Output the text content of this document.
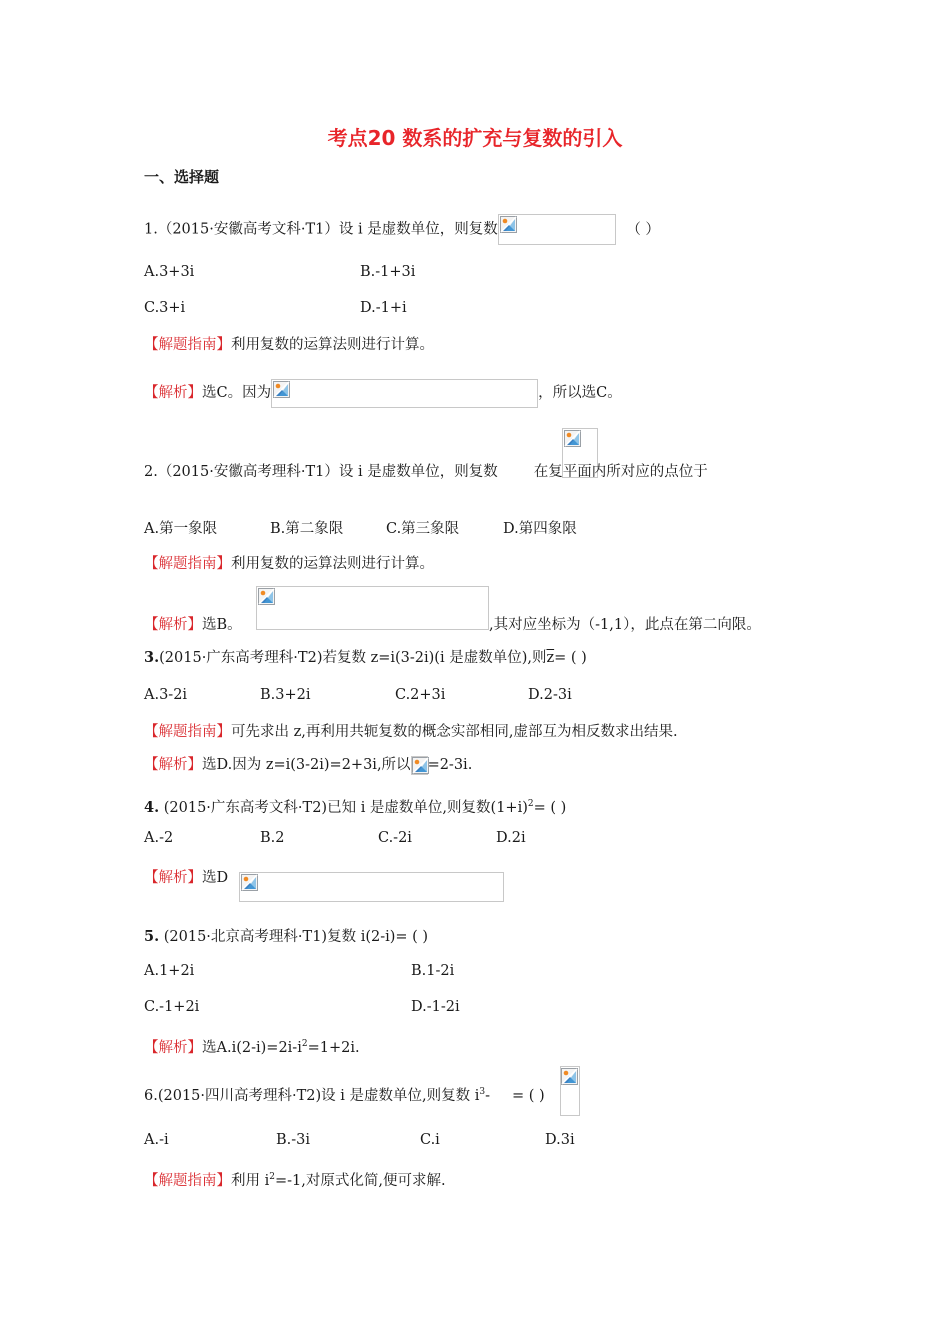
考点20 数系的扩充与复数的引入
一、选择题
1.（2015·安徽高考文科·T1）设 i 是虚数单位，则复数	（ ）
A.3+3i	B.-1+3i
C.3+i	D.-1+i
【解题指南】利用复数的运算法则进行计算。
【解析】选C。因为	，所以选C。
2.（2015·安徽高考理科·T1）设 i 是虚数单位，则复数 在复平面内所对应的点位于
A.第一象限	B.第二象限	C.第三象限	D.第四象限
【解题指南】利用复数的运算法则进行计算。
【解析】选B。	,其对应坐标为（-1,1），此点在第二向限。
3.(2015·广东高考理科·T2)若复数 z=i(3-2i)(i 是虚数单位),则$\overline{z}=$ ( )
A.3-2i	B.3+2i	C.2+3i	D.2-3i
【解题指南】可先求出 z,再利用共轭复数的概念实部相同,虚部互为相反数求出结果.
【解析】选D.因为 z=i(3-2i)=2+3i,所以 =2-3i.
4. (2015·广东高考文科·T2)已知 i 是虚数单位,则复数$(1+i)^2=$ ( )
A.-2	B.2	C.-2i	D.2i
【解析】选D
5. (2015·北京高考理科·T1)复数 i(2-i)= ( )
A.1+2i	B.1-2i
C.-1+2i	D.-1-2i
【解析】选$A.i(2-i)=2i-i^2=1+2i$.
6.(2015·四川高考理科·T2)设 i 是虚数单位,则复数 $i^3-$ = ( )
A.-i	B.-3i	C.i	D.3i
【解题指南】利用 $i^2=-1$,对原式化简,便可求解.
